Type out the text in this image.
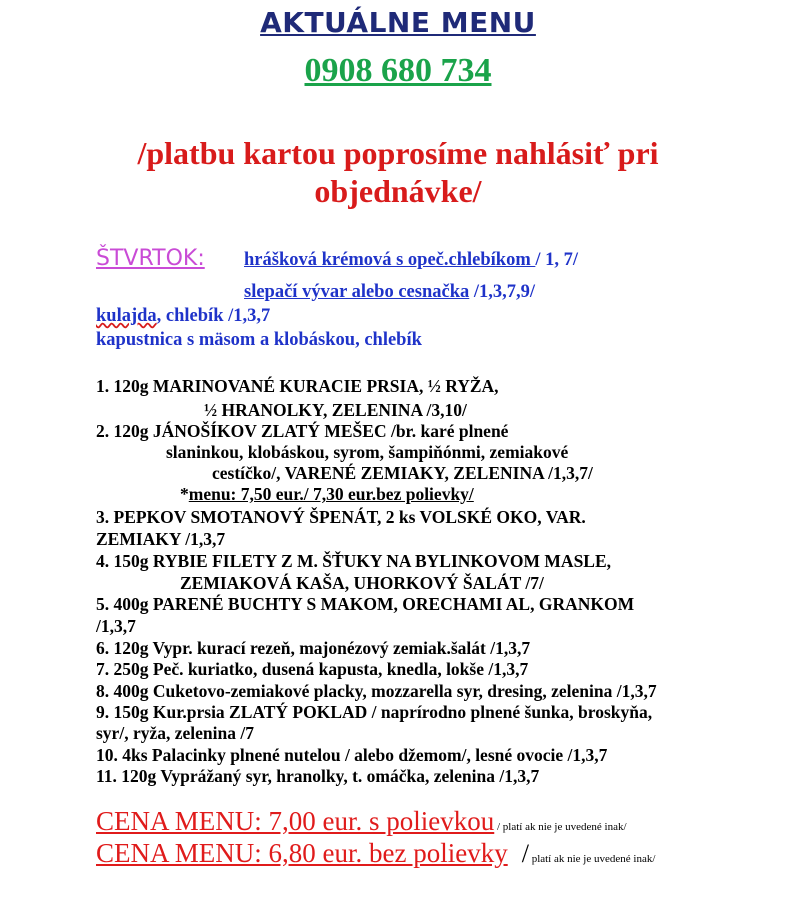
AKTUÁLNE MENU
0908 680 734
/platbu kartou poprosíme nahlásiť pri
objednávke/
ŠTVRTOK: hrášková krémová s opeč.chlebíkom / 1, 7/
slepačí vývar alebo cesnačka /1,3,7,9/
kulajda, chlebík /1,3,7
kapustnica s mäsom a klobáskou, chlebík
1. 120g MARINOVANÉ KURACIE PRSIA, ½ RYŽA,
½ HRANOLKY, ZELENINA /3,10/
2. 120g JÁNOŠÍKOV ZLATÝ MEŠEC /br. karé plnené
slaninkou, klobáskou, syrom, šampiňónmi, zemiakové
cestíčko/, VARENÉ ZEMIAKY, ZELENINA /1,3,7/
*menu: 7,50 eur./ 7,30 eur.bez polievky/
3. PEPKOV SMOTANOVÝ ŠPENÁT, 2 ks VOLSKÉ OKO, VAR.
ZEMIAKY /1,3,7
4. 150g RYBIE FILETY Z M. ŠŤUKY NA BYLINKOVOM MASLE,
ZEMIAKOVÁ KAŠA, UHORKOVÝ ŠALÁT /7/
5. 400g PARENÉ BUCHTY S MAKOM, ORECHAMI AL, GRANKOM
/1,3,7
6. 120g Vypr. kurací rezeň, majonézový zemiak.šalát /1,3,7
7. 250g Peč. kuriatko, dusená kapusta, knedla, lokše /1,3,7
8. 400g Cuketovo-zemiakové placky, mozzarella syr, dresing, zelenina /1,3,7
9. 150g Kur.prsia ZLATÝ POKLAD / naprírodno plnené šunka, broskyňa,
syr/, ryža, zelenina /7
10. 4ks Palacinky plnené nutelou / alebo džemom/, lesné ovocie /1,3,7
11. 120g Vyprážaný syr, hranolky, t. omáčka, zelenina /1,3,7
CENA MENU: 7,00 eur. s polievkou / platí ak nie je uvedené inak/
CENA MENU: 6,80 eur. bez polievky / platí ak nie je uvedené inak/
